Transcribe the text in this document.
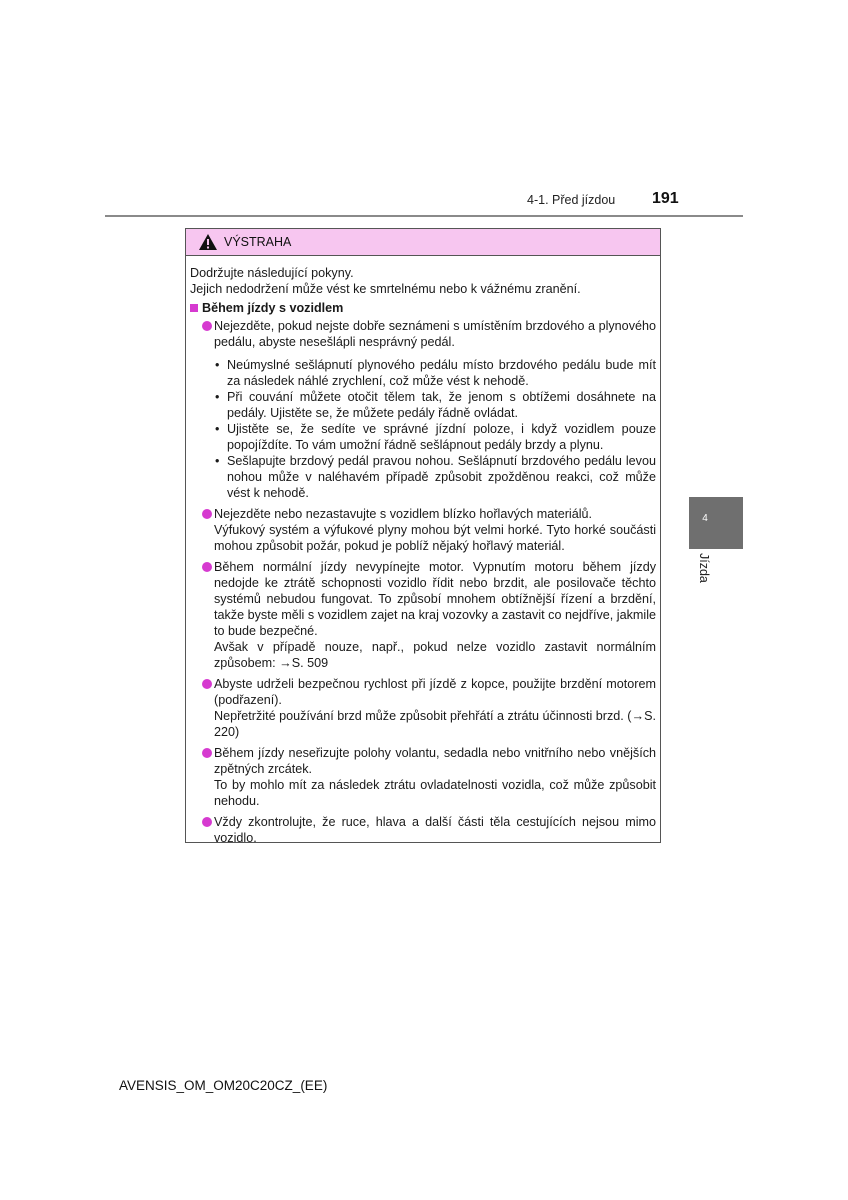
4-1. Před jízdou 191
VÝSTRAHA
Dodržujte následující pokyny.
Jejich nedodržení může vést ke smrtelnému nebo k vážnému zranění.
Během jízdy s vozidlem

Nejezděte, pokud nejste dobře seznámeni s umístěním brzdového a plynového pedálu, abyste nesešlápli nesprávný pedál.

• Neúmyslné sešlápnutí plynového pedálu místo brzdového pedálu bude mít za následek náhlé zrychlení, což může vést k nehodě.
• Při couvání můžete otočit tělem tak, že jenom s obtížemi dosáhnete na pedály. Ujistěte se, že můžete pedály řádně ovládat.
• Ujistěte se, že sedíte ve správné jízdní poloze, i když vozidlem pouze popojíždíte. To vám umožní řádně sešlápnout pedály brzdy a plynu.
• Sešlapujte brzdový pedál pravou nohou. Sešlápnutí brzdového pedálu levou nohou může v naléhavém případě způsobit zpožděnou reakci, což může vést k nehodě.

Nejezděte nebo nezastavujte s vozidlem blízko hořlavých materiálů.

Výfukový systém a výfukové plyny mohou být velmi horké. Tyto horké součásti mohou způsobit požár, pokud je poblíž nějaký hořlavý materiál.

Během normální jízdy nevypínejte motor. Vypnutím motoru během jízdy nedojde ke ztrátě schopnosti vozidlo řídit nebo brzdit, ale posilovače těchto systémů nebudou fungovat. To způsobí mnohem obtížnější řízení a brzdění, takže byste měli s vozidlem zajet na kraj vozovky a zastavit co nejdříve, jakmile to bude bezpečné.

Avšak v případě nouze, např., pokud nelze vozidlo zastavit normálním způsobem: →S. 509

Abyste udrželi bezpečnou rychlost při jízdě z kopce, použijte brzdění motorem (podřazení).

Nepřetržité používání brzd může způsobit přehřátí a ztrátu účinnosti brzd. (→S. 220)

Během jízdy neseřizujte polohy volantu, sedadla nebo vnitřního nebo vnějších zpětných zrcátek.

To by mohlo mít za následek ztrátu ovladatelnosti vozidla, což může způsobit nehodu.

Vždy zkontrolujte, že ruce, hlava a další části těla cestujících nejsou mimo vozidlo.

4
Jízda
AVENSIS_OM_OM20C20CZ_(EE)
